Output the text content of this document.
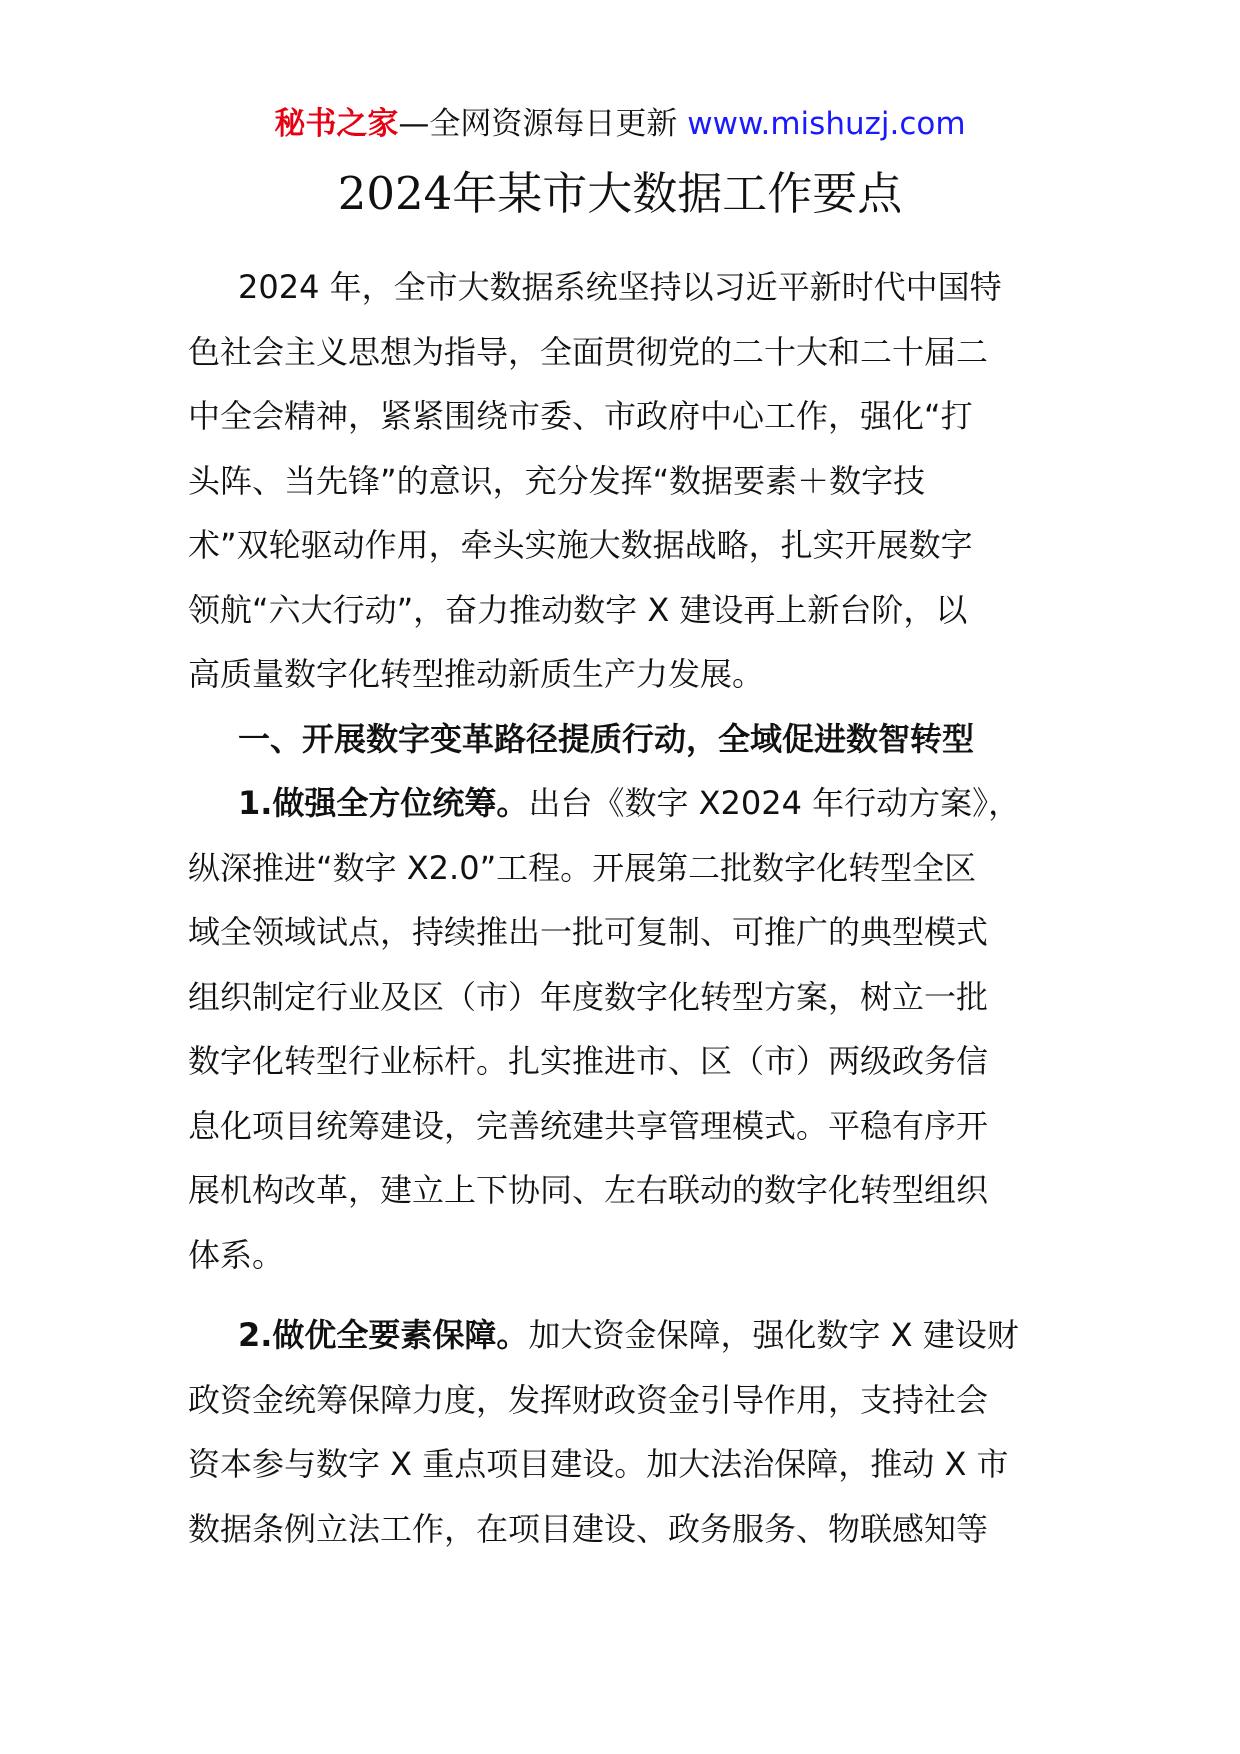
秘书之家—全网资源每日更新 www.mishuzj.com
2024年某市大数据工作要点
2024 年，全市大数据系统坚持以习近平新时代中国特
色社会主义思想为指导，全面贯彻党的二十大和二十届二
中全会精神，紧紧围绕市委、市政府中心工作，强化“打
头阵、当先锋”的意识，充分发挥“数据要素＋数字技
术”双轮驱动作用，牵头实施大数据战略，扎实开展数字
领航“六大行动”，奋力推动数字 X 建设再上新台阶，以
高质量数字化转型推动新质生产力发展。
一、开展数字变革路径提质行动，全域促进数智转型
1.做强全方位统筹。出台《数字 X2024 年行动方案》，
纵深推进“数字 X2.0”工程。开展第二批数字化转型全区
域全领域试点，持续推出一批可复制、可推广的典型模式
组织制定行业及区（市）年度数字化转型方案，树立一批
数字化转型行业标杆。扎实推进市、区（市）两级政务信
息化项目统筹建设，完善统建共享管理模式。平稳有序开
展机构改革，建立上下协同、左右联动的数字化转型组织
体系。
2.做优全要素保障。加大资金保障，强化数字 X 建设财
政资金统筹保障力度，发挥财政资金引导作用，支持社会
资本参与数字 X 重点项目建设。加大法治保障，推动 X 市
数据条例立法工作，在项目建设、政务服务、物联感知等
